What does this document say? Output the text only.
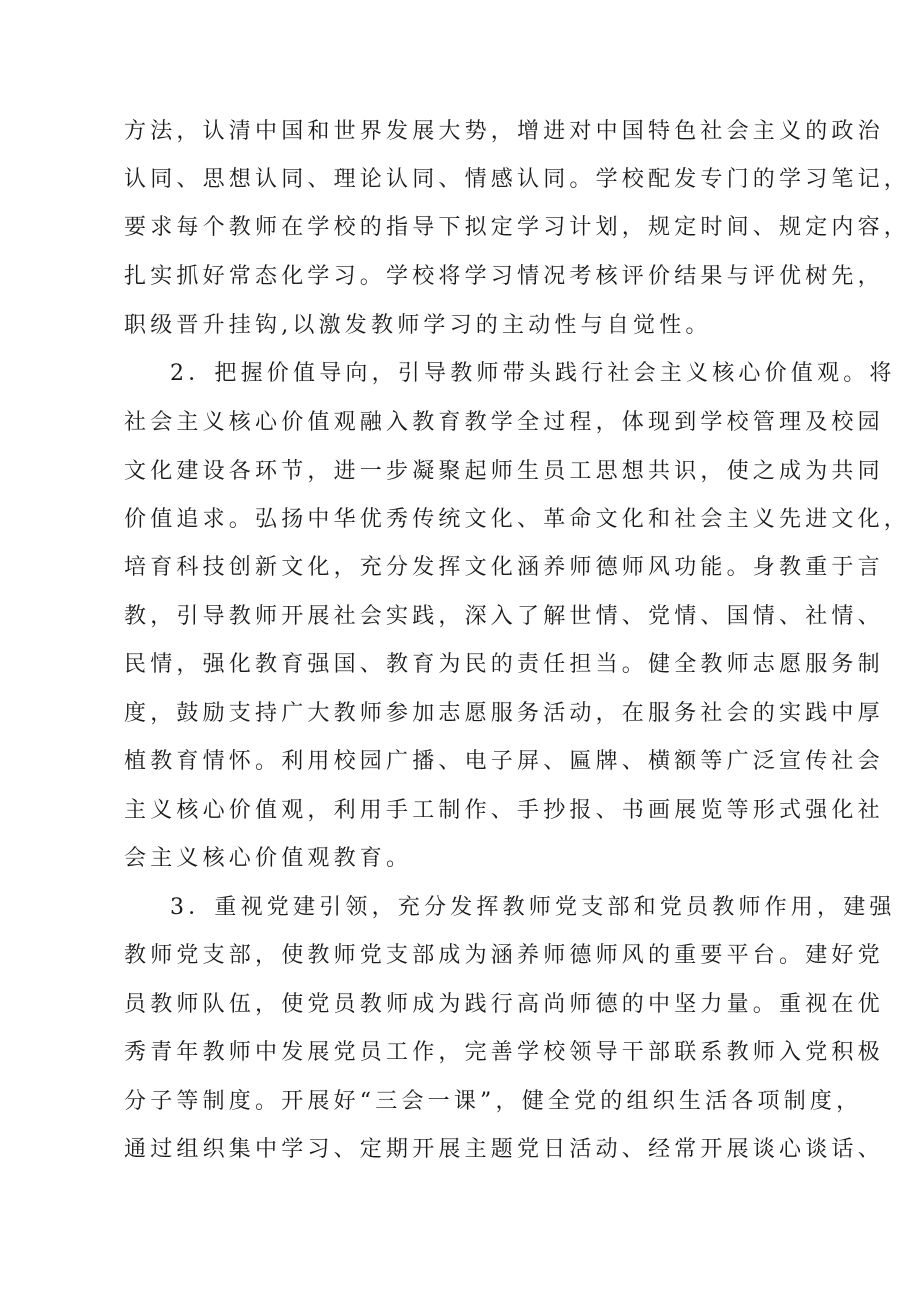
方法，认清中国和世界发展大势，增进对中国特色社会主义的政治
认同、思想认同、理论认同、情感认同。学校配发专门的学习笔记，
要求每个教师在学校的指导下拟定学习计划，规定时间、规定内容，
扎实抓好常态化学习。学校将学习情况考核评价结果与评优树先，
职级晋升挂钩,以激发教师学习的主动性与自觉性。
2．把握价值导向，引导教师带头践行社会主义核心价值观。将
社会主义核心价值观融入教育教学全过程，体现到学校管理及校园
文化建设各环节，进一步凝聚起师生员工思想共识，使之成为共同
价值追求。弘扬中华优秀传统文化、革命文化和社会主义先进文化，
培育科技创新文化，充分发挥文化涵养师德师风功能。身教重于言
教，引导教师开展社会实践，深入了解世情、党情、国情、社情、
民情，强化教育强国、教育为民的责任担当。健全教师志愿服务制
度，鼓励支持广大教师参加志愿服务活动，在服务社会的实践中厚
植教育情怀。利用校园广播、电子屏、匾牌、横额等广泛宣传社会
主义核心价值观，利用手工制作、手抄报、书画展览等形式强化社
会主义核心价值观教育。
3．重视党建引领，充分发挥教师党支部和党员教师作用，建强
教师党支部，使教师党支部成为涵养师德师风的重要平台。建好党
员教师队伍，使党员教师成为践行高尚师德的中坚力量。重视在优
秀青年教师中发展党员工作，完善学校领导干部联系教师入党积极
分子等制度。开展好“三会一课”，健全党的组织生活各项制度，
通过组织集中学习、定期开展主题党日活动、经常开展谈心谈话、
